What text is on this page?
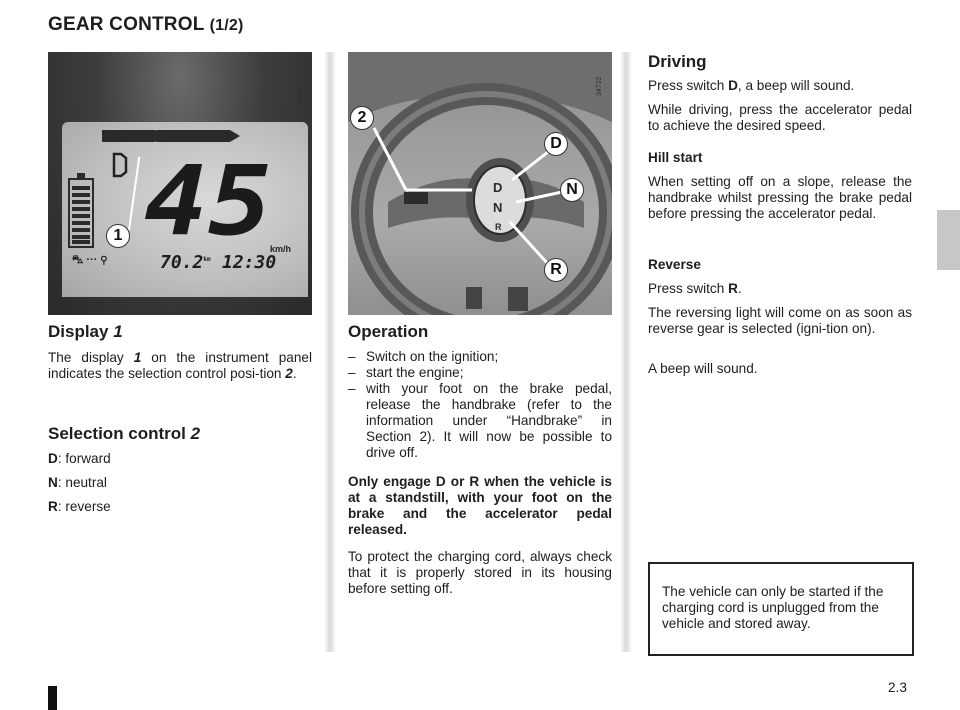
GEAR CONTROL (1/2)
45
km/h
⛍ ··· ⚲	$70.2^{km}$ 12:30
1
34829
D
N
R
2
D
N
R
34732
Display 1
The display 1 on the instrument panel indicates the selection control posi-tion 2.
Selection control 2
D: forward
N: neutral
R: reverse
Operation
– Switch on the ignition;
– start the engine;
– with your foot on the brake pedal, release the handbrake (refer to the information under “Handbrake” in Section 2). It will now be possible to drive off.
Only engage D or R when the vehicle is at a standstill, with your foot on the brake and the accelerator pedal released.
To protect the charging cord, always check that it is properly stored in its housing before setting off.
Driving
Press switch D, a beep will sound.
While driving, press the accelerator pedal to achieve the desired speed.
Hill start
When setting off on a slope, release the handbrake whilst pressing the brake pedal before pressing the accelerator pedal.
Reverse
Press switch R.
The reversing light will come on as soon as reverse gear is selected (igni-tion on).
A beep will sound.
The vehicle can only be started if the charging cord is unplugged from the vehicle and stored away.
2.3
